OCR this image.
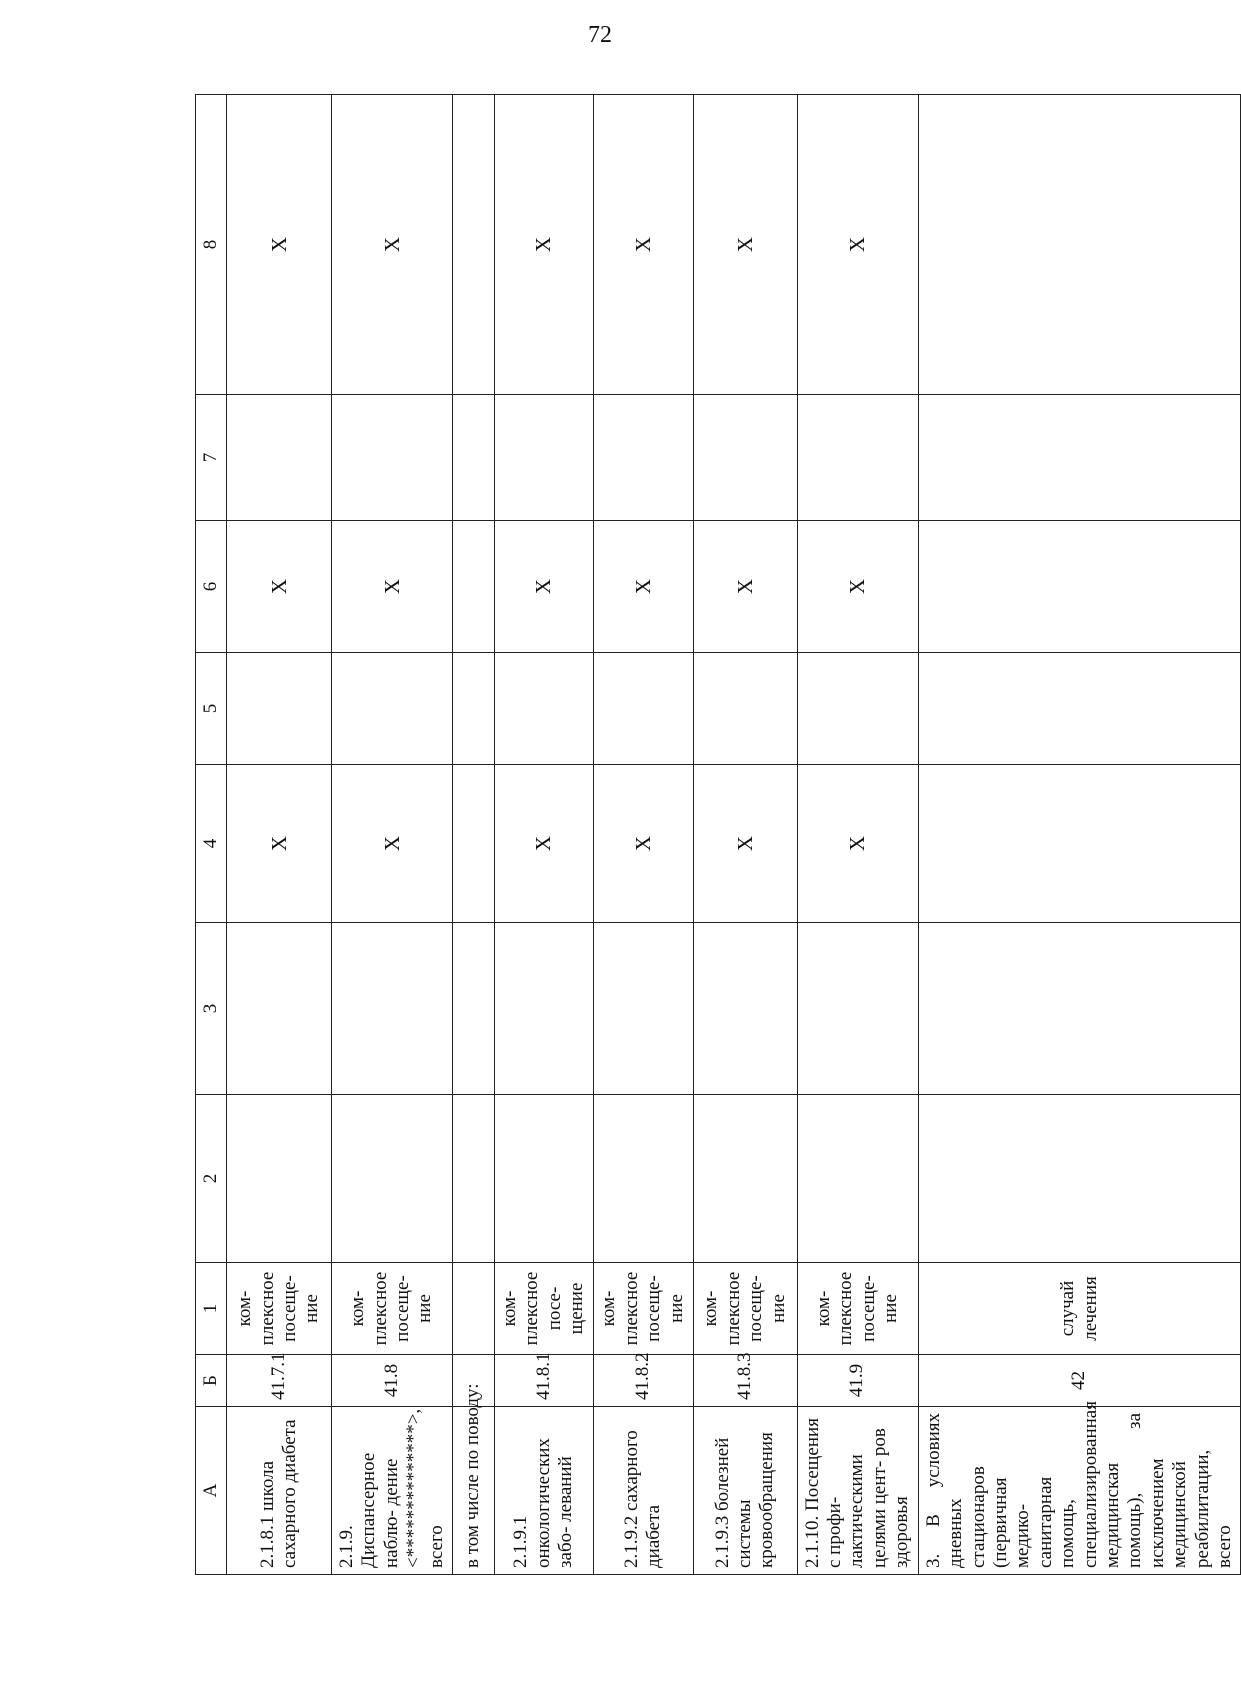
72
А	Б	1	2	3	4	5	6	7	8
2.1.8.1 школа сахарного диабета	41.7.1	ком- плексное посеще- ние			X		X		X
2.1.9. Диспансерное наблю- дение <**************>, всего	41.8	ком- плексное посеще- ние			X		X		X
в том числе по поводу:									
2.1.9.1 онкологических забо- леваний	41.8.1	ком- плексное посе- щение			X		X		X
2.1.9.2 сахарного диабета	41.8.2	ком- плексное посеще- ние			X		X		X
2.1.9.3 болезней системы кровообращения	41.8.3	ком- плексное посеще- ние			X		X		X
2.1.10. Посещения с профи- лактическими целями цент- ров здоровья	41.9	ком- плексное посеще- ние			X		X		X
3. В условиях дневных стационаров (первичная медико-санитарная помощь, специализированная медицинская помощь), за исключением медицинской реабилитации, всего	42	случай лечения							
